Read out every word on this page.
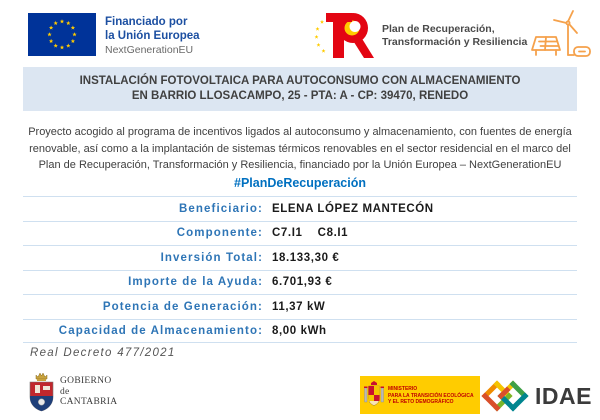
Financiado por
la Unión Europea
NextGenerationEU
Plan de Recuperación,
Transformación y Resiliencia
INSTALACIÓN FOTOVOLTAICA PARA AUTOCONSUMO CON ALMACENAMIENTO
EN BARRIO LLOSACAMPO, 25 - PTA: A - CP: 39470, RENEDO
Proyecto acogido al programa de incentivos ligados al autoconsumo y almacenamiento, con fuentes de energía renovable, así como a la implantación de sistemas térmicos renovables en el sector residencial en el marco del Plan de Recuperación, Transformación y Resiliencia, financiado por la Unión Europea – NextGenerationEU
#PlanDeRecuperación
Beneficiario: ELENA LÓPEZ MANTECÓN
Componente: C7.I1    C8.I1
Inversión Total: 18.133,30 €
Importe de la Ayuda: 6.701,93 €
Potencia de Generación: 11,37 kW
Capacidad de Almacenamiento: 8,00 kWh
Real Decreto 477/2021
GOBIERNO
de
CANTABRIA
MINISTERIO
PARA LA TRANSICIÓN ECOLÓGICA
Y EL RETO DEMOGRÁFICO	IDAE
